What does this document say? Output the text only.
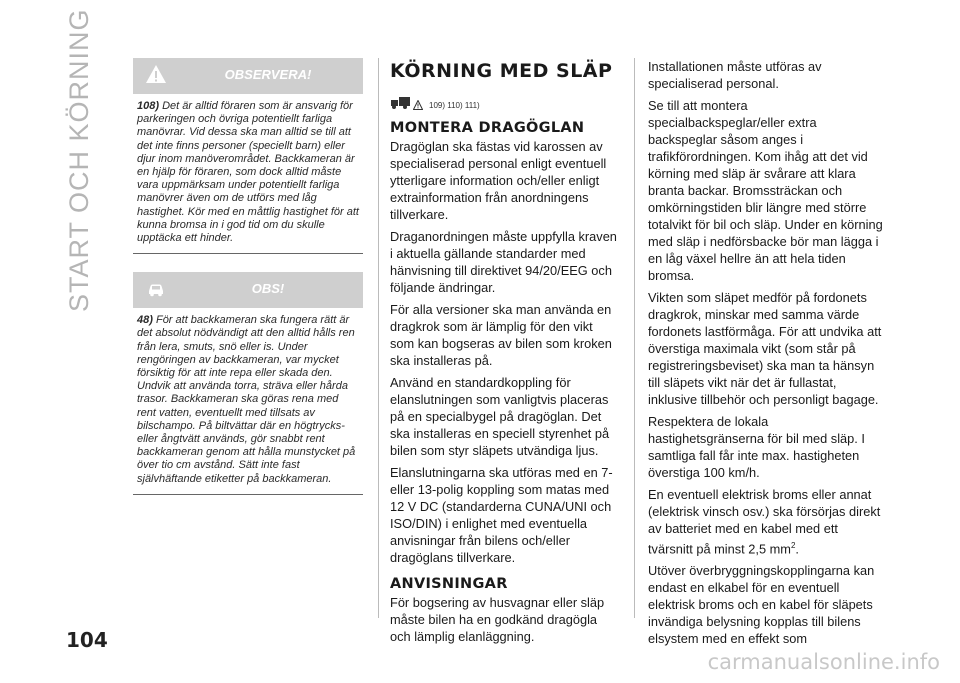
START OCH KÖRNING
104
carmanualsonline.info
OBSERVERA!
108) Det är alltid föraren som är ansvarig för parkeringen och övriga potentiellt farliga manövrar. Vid dessa ska man alltid se till att det inte finns personer (speciellt barn) eller djur inom manöverområdet. Backkameran är en hjälp för föraren, som dock alltid måste vara uppmärksam under potentiellt farliga manövrer även om de utförs med låg hastighet. Kör med en måttlig hastighet för att kunna bromsa in i god tid om du skulle upptäcka ett hinder.
OBS!
48) För att backkameran ska fungera rätt är det absolut nödvändigt att den alltid hålls ren från lera, smuts, snö eller is. Under rengöringen av backkameran, var mycket försiktig för att inte repa eller skada den. Undvik att använda torra, sträva eller hårda trasor. Backkameran ska göras rena med rent vatten, eventuellt med tillsats av bilschampo. På biltvättar där en högtrycks- eller ångtvätt används, gör snabbt rent backkameran genom att hålla munstycket på över tio cm avstånd. Sätt inte fast självhäftande etiketter på backkameran.
KÖRNING MED SLÄP
109) 110) 111)
MONTERA DRAGÖGLAN

Dragöglan ska fästas vid karossen av specialiserad personal enligt eventuell ytterligare information och/eller enligt extrainformation från anordningens tillverkare.

Draganordningen måste uppfylla kraven i aktuella gällande standarder med hänvisning till direktivet 94/20/EEG och följande ändringar.

För alla versioner ska man använda en dragkrok som är lämplig för den vikt som kan bogseras av bilen som kroken ska installeras på.

Använd en standardkoppling för elanslutningen som vanligtvis placeras på en specialbygel på dragöglan. Det ska installeras en speciell styrenhet på bilen som styr släpets utvändiga ljus.

Elanslutningarna ska utföras med en 7- eller 13-polig koppling som matas med 12 V DC (standarderna CUNA/UNI och ISO/DIN) i enlighet med eventuella anvisningar från bilens och/eller dragöglans tillverkare.

ANVISNINGAR

För bogsering av husvagnar eller släp måste bilen ha en godkänd dragögla och lämplig elanläggning.

Installationen måste utföras av specialiserad personal.

Se till att montera specialbackspeglar/eller extra backspeglar såsom anges i trafikförordningen. Kom ihåg att det vid körning med släp är svårare att klara branta backar. Bromssträckan och omkörningstiden blir längre med större totalvikt för bil och släp. Under en körning med släp i nedförsbacke bör man lägga i en låg växel hellre än att hela tiden bromsa.

Vikten som släpet medför på fordonets dragkrok, minskar med samma värde fordonets lastförmåga. För att undvika att överstiga maximala vikt (som står på registreringsbeviset) ska man ta hänsyn till släpets vikt när det är fullastat, inklusive tillbehör och personligt bagage.

Respektera de lokala hastighetsgränserna för bil med släp. I samtliga fall får inte max. hastigheten överstiga 100 km/h.

En eventuell elektrisk broms eller annat (elektrisk vinsch osv.) ska försörjas direkt av batteriet med en kabel med ett tvärsnitt på minst 2,5 $mm^2$.

Utöver överbryggningskopplingarna kan endast en elkabel för en eventuell elektrisk broms och en kabel för släpets invändiga belysning kopplas till bilens elsystem med en effekt som
